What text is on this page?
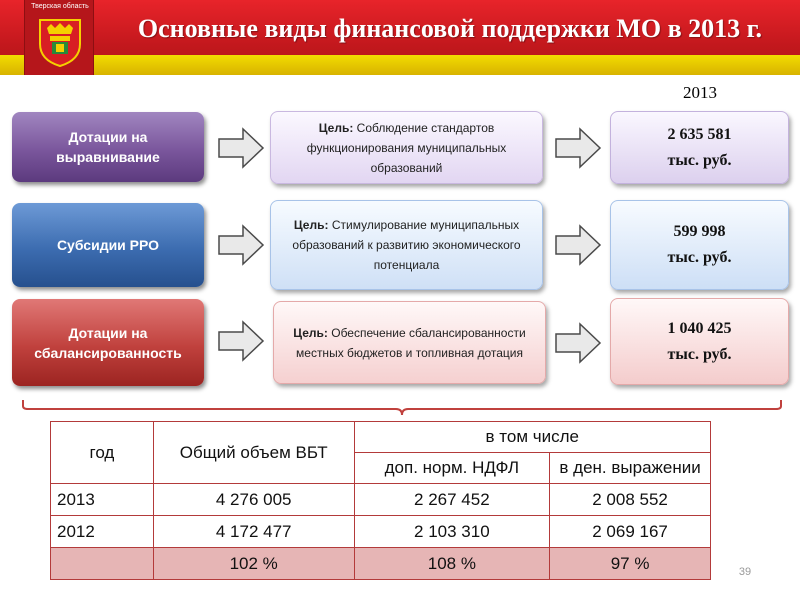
Тверская область
Основные виды финансовой поддержки МО в 2013 г.
2013
Дотации на выравнивание
Цель: Соблюдение стандартов функционирования муниципальных образований
2 635 581
тыс. руб.
Субсидии РРО
Цель: Стимулирование муниципальных образований к развитию экономического потенциала
599 998
тыс. руб.
Дотации на сбалансированность
Цель: Обеспечение сбалансированности местных бюджетов и топливная дотация
1 040 425
тыс. руб.
год	Общий объем ВБТ	в том числе	
		доп. норм. НДФЛ	в ден. выражении
2013	4 276 005	2 267 452	2 008 552
2012	4 172 477	2 103 310	2 069 167
	102 %	108 %	97 %	39
